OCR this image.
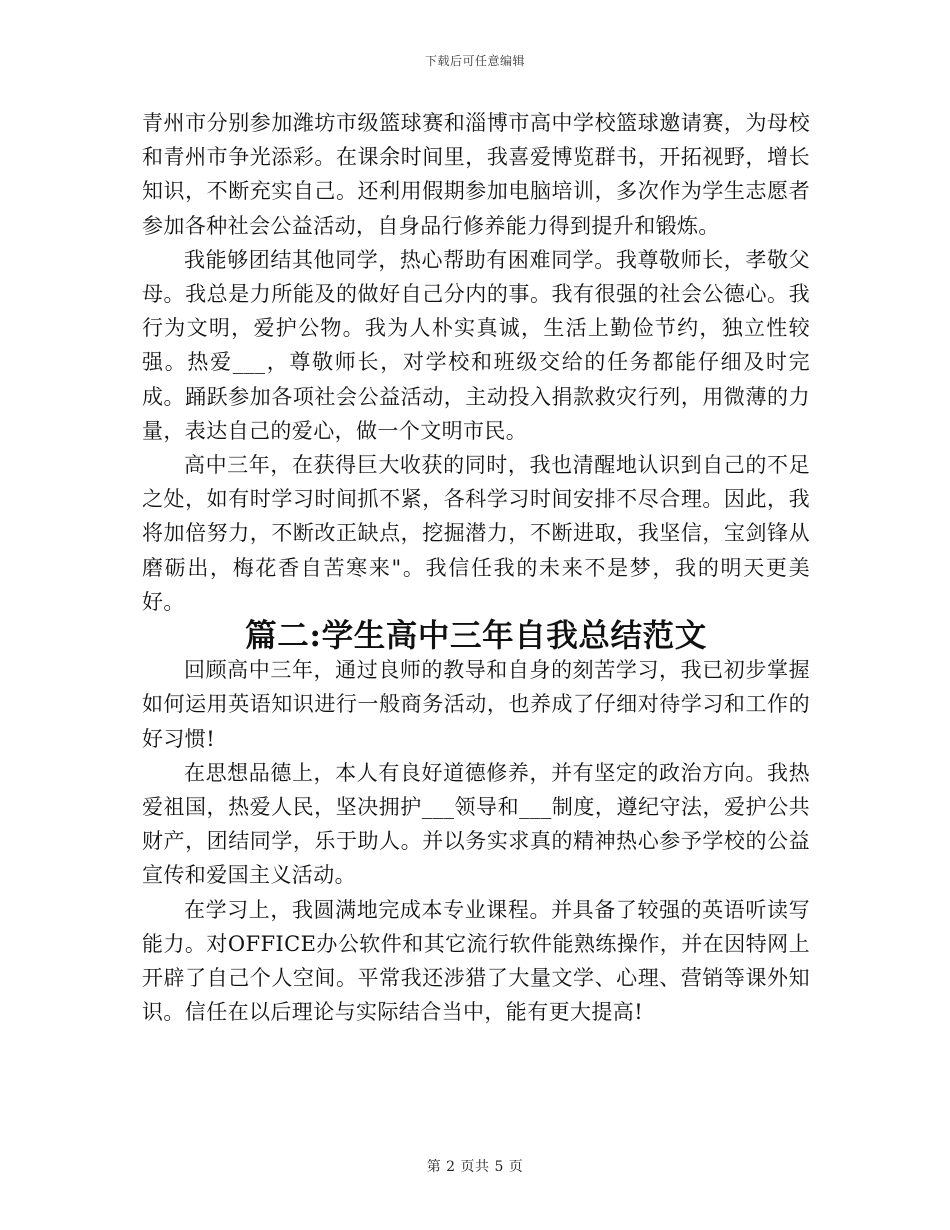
下载后可任意编辑

青州市分别参加潍坊市级篮球赛和淄博市高中学校篮球邀请赛，为母校和青州市争光添彩。在课余时间里，我喜爱博览群书，开拓视野，增长知识，不断充实自己。还利用假期参加电脑培训，多次作为学生志愿者参加各种社会公益活动，自身品行修养能力得到提升和锻炼。

我能够团结其他同学，热心帮助有困难同学。我尊敬师长，孝敬父母。我总是力所能及的做好自己分内的事。我有很强的社会公德心。我行为文明，爱护公物。我为人朴实真诚，生活上勤俭节约，独立性较强。热爱___，尊敬师长，对学校和班级交给的任务都能仔细及时完成。踊跃参加各项社会公益活动，主动投入捐款救灾行列，用微薄的力量，表达自己的爱心，做一个文明市民。

高中三年，在获得巨大收获的同时，我也清醒地认识到自己的不足之处，如有时学习时间抓不紧，各科学习时间安排不尽合理。因此，我将加倍努力，不断改正缺点，挖掘潜力，不断进取，我坚信，宝剑锋从磨砺出，梅花香自苦寒来"。我信任我的未来不是梦，我的明天更美好。

篇二:学生高中三年自我总结范文

回顾高中三年，通过良师的教导和自身的刻苦学习，我已初步掌握如何运用英语知识进行一般商务活动，也养成了仔细对待学习和工作的好习惯!

在思想品德上，本人有良好道德修养，并有坚定的政治方向。我热爱祖国，热爱人民，坚决拥护___领导和___制度，遵纪守法，爱护公共财产，团结同学，乐于助人。并以务实求真的精神热心参予学校的公益宣传和爱国主义活动。

在学习上，我圆满地完成本专业课程。并具备了较强的英语听读写能力。对OFFICE办公软件和其它流行软件能熟练操作，并在因特网上开辟了自己个人空间。平常我还涉猎了大量文学、心理、营销等课外知识。信任在以后理论与实际结合当中，能有更大提高!

第 2 页共 5 页
